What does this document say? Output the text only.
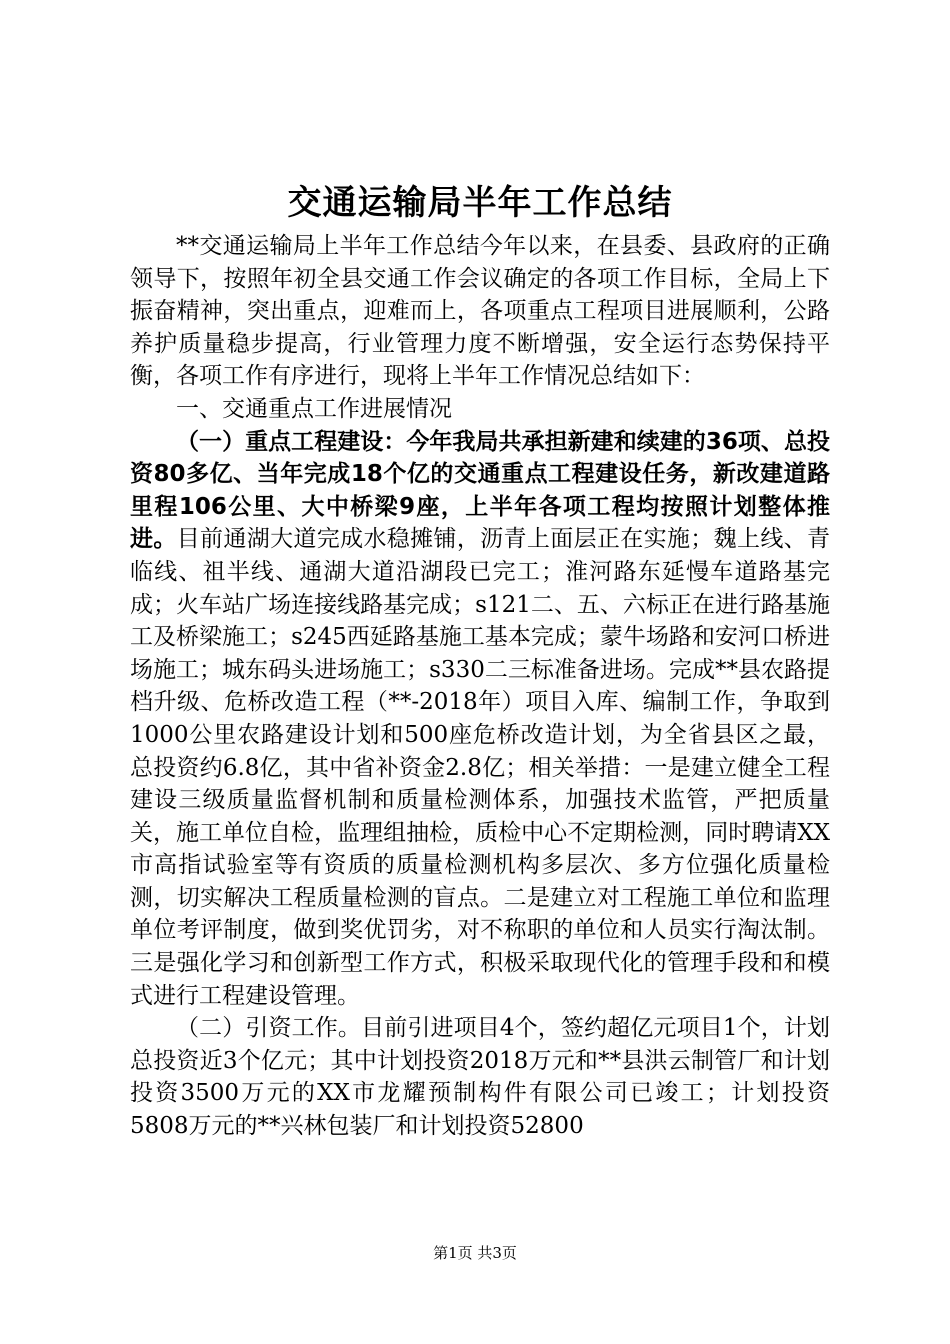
交通运输局半年工作总结

**交通运输局上半年工作总结今年以来，在县委、县政府的正确领导下，按照年初全县交通工作会议确定的各项工作目标，全局上下振奋精神，突出重点，迎难而上，各项重点工程项目进展顺利，公路养护质量稳步提高，行业管理力度不断增强，安全运行态势保持平衡，各项工作有序进行，现将上半年工作情况总结如下：

一、交通重点工作进展情况

（一）重点工程建设：今年我局共承担新建和续建的36项、总投资80多亿、当年完成18个亿的交通重点工程建设任务，新改建道路里程106公里、大中桥梁9座，上半年各项工程均按照计划整体推进。目前通湖大道完成水稳摊铺，沥青上面层正在实施；魏上线、青临线、祖半线、通湖大道沿湖段已完工；淮河路东延慢车道路基完成；火车站广场连接线路基完成；s121二、五、六标正在进行路基施工及桥梁施工；s245西延路基施工基本完成；蒙牛场路和安河口桥进场施工；城东码头进场施工；s330二三标准备进场。完成**县农路提档升级、危桥改造工程（**-2018年）项目入库、编制工作，争取到1000公里农路建设计划和500座危桥改造计划，为全省县区之最，总投资约6.8亿，其中省补资金2.8亿；相关举措：一是建立健全工程建设三级质量监督机制和质量检测体系，加强技术监管，严把质量关，施工单位自检，监理组抽检，质检中心不定期检测，同时聘请XX市高指试验室等有资质的质量检测机构多层次、多方位强化质量检测，切实解决工程质量检测的盲点。二是建立对工程施工单位和监理单位考评制度，做到奖优罚劣，对不称职的单位和人员实行淘汰制。三是强化学习和创新型工作方式，积极采取现代化的管理手段和和模式进行工程建设管理。

（二）引资工作。目前引进项目4个，签约超亿元项目1个，计划总投资近3个亿元；其中计划投资2018万元和**县洪云制管厂和计划投资3500万元的XX市龙耀预制构件有限公司已竣工；计划投资5808万元的**兴林包装厂和计划投资52800

第1页 共3页
